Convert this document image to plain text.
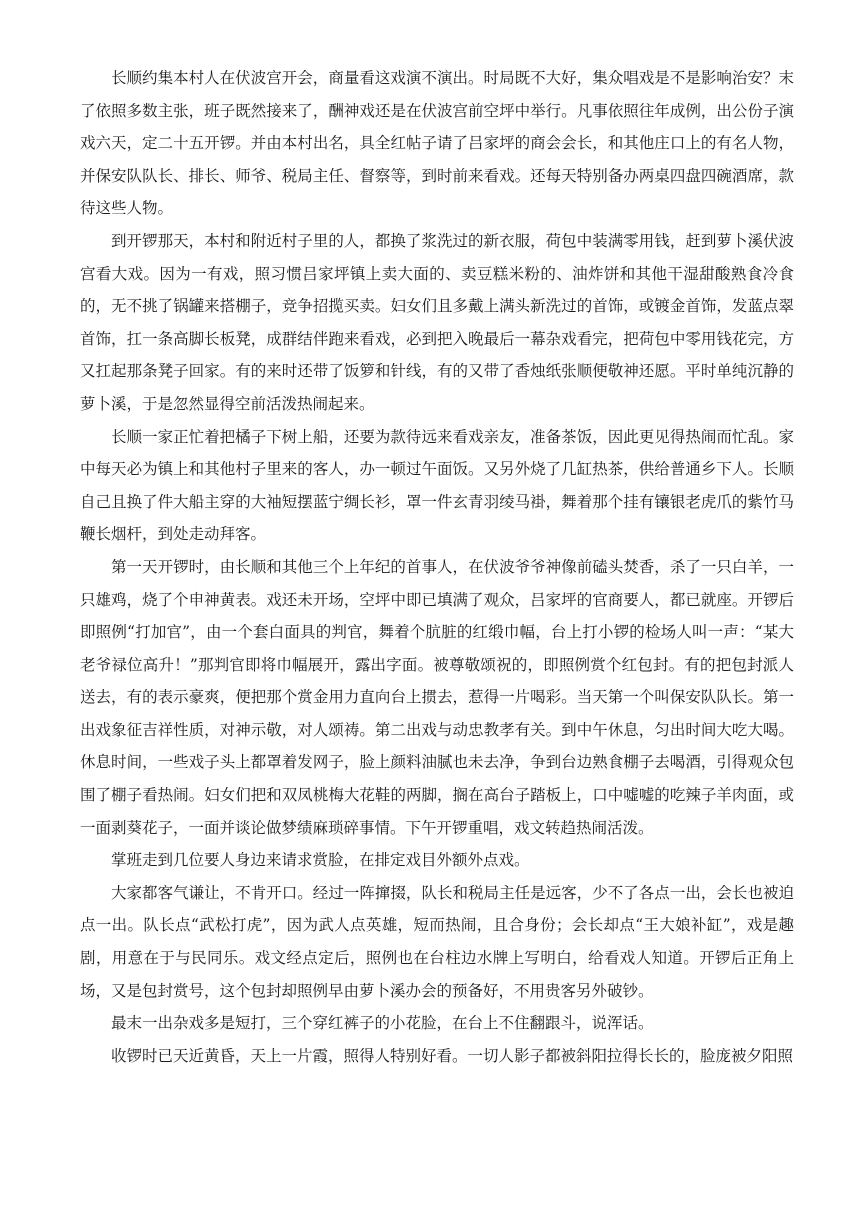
长顺约集本村人在伏波宫开会，商量看这戏演不演出。时局既不大好，集众唱戏是不是影响治安？末了依照多数主张，班子既然接来了，酬神戏还是在伏波宫前空坪中举行。凡事依照往年成例，出公份子演戏六天，定二十五开锣。并由本村出名，具全红帖子请了吕家坪的商会会长，和其他庄口上的有名人物，并保安队队长、排长、师爷、税局主任、督察等，到时前来看戏。还每天特别备办两桌四盘四碗酒席，款待这些人物。

到开锣那天，本村和附近村子里的人，都换了浆洗过的新衣服，荷包中装满零用钱，赶到萝卜溪伏波宫看大戏。因为一有戏，照习惯吕家坪镇上卖大面的、卖豆糕米粉的、油炸饼和其他干湿甜酸熟食冷食的，无不挑了锅罐来搭棚子，竞争招揽买卖。妇女们且多戴上满头新洗过的首饰，或镀金首饰，发蓝点翠首饰，扛一条高脚长板凳，成群结伴跑来看戏，必到把入晚最后一幕杂戏看完，把荷包中零用钱花完，方又扛起那条凳子回家。有的来时还带了饭箩和针线，有的又带了香烛纸张顺便敬神还愿。平时单纯沉静的萝卜溪，于是忽然显得空前活泼热闹起来。

长顺一家正忙着把橘子下树上船，还要为款待远来看戏亲友，准备茶饭，因此更见得热闹而忙乱。家中每天必为镇上和其他村子里来的客人，办一顿过午面饭。又另外烧了几缸热茶，供给普通乡下人。长顺自己且换了件大船主穿的大袖短摆蓝宁绸长衫，罩一件玄青羽绫马褂，舞着那个挂有镶银老虎爪的紫竹马鞭长烟杆，到处走动拜客。

第一天开锣时，由长顺和其他三个上年纪的首事人，在伏波爷爷神像前磕头焚香，杀了一只白羊，一只雄鸡，烧了个申神黄表。戏还未开场，空坪中即已填满了观众，吕家坪的官商要人，都已就座。开锣后即照例“打加官”，由一个套白面具的判官，舞着个肮脏的红缎巾幅，台上打小锣的检场人叫一声：“某大老爷禄位高升！”那判官即将巾幅展开，露出字面。被尊敬颂祝的，即照例赏个红包封。有的把包封派人送去，有的表示豪爽，便把那个赏金用力直向台上掼去，惹得一片喝彩。当天第一个叫保安队队长。第一出戏象征吉祥性质，对神示敬，对人颂祷。第二出戏与动忠教孝有关。到中午休息，匀出时间大吃大喝。休息时间，一些戏子头上都罩着发网子，脸上颜料油腻也未去净，争到台边熟食棚子去喝酒，引得观众包围了棚子看热闹。妇女们把和双凤桃梅大花鞋的两脚，搁在高台子踏板上，口中嘘嘘的吃辣子羊肉面，或一面剥葵花子，一面并谈论做梦绩麻琐碎事情。下午开锣重唱，戏文转趋热闹活泼。

掌班走到几位要人身边来请求赏脸，在排定戏目外额外点戏。

大家都客气谦让，不肯开口。经过一阵撺掇，队长和税局主任是远客，少不了各点一出，会长也被迫点一出。队长点“武松打虎”，因为武人点英雄，短而热闹，且合身份；会长却点“王大娘补缸”，戏是趣剧，用意在于与民同乐。戏文经点定后，照例也在台柱边水牌上写明白，给看戏人知道。开锣后正角上场，又是包封赏号，这个包封却照例早由萝卜溪办会的预备好，不用贵客另外破钞。

最末一出杂戏多是短打，三个穿红裤子的小花脸，在台上不住翻跟斗，说浑话。

收锣时已天近黄昏，天上一片霞，照得人特别好看。一切人影子都被斜阳拉得长长的，脸庞被夕阳照
